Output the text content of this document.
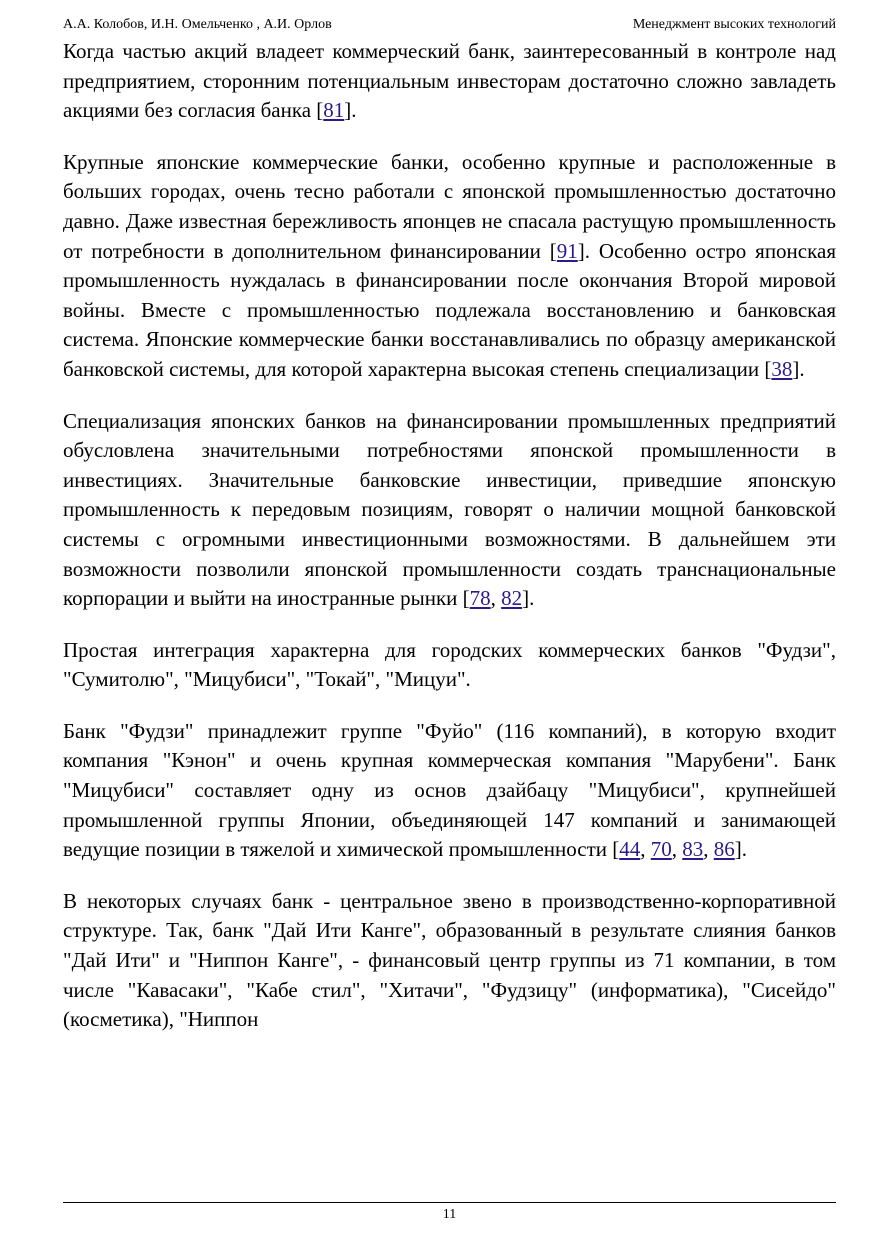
А.А. Колобов, И.Н. Омельченко , А.И. Орлов	Менеджмент высоких технологий

Когда частью акций владеет коммерческий банк, заинтересованный в контроле над предприятием, сторонним потенциальным инвесторам достаточно сложно завладеть акциями без согласия банка [81].

Крупные японские коммерческие банки, особенно крупные и расположенные в больших городах, очень тесно работали с японской промышленностью достаточно давно. Даже известная бережливость японцев не спасала растущую промышленность от потребности в дополнительном финансировании [91]. Особенно остро японская промышленность нуждалась в финансировании после окончания Второй мировой войны. Вместе с промышленностью подлежала восстановлению и банковская система. Японские коммерческие банки восстанавливались по образцу американской банковской системы, для которой характерна высокая степень специализации [38].

Специализация японских банков на финансировании промышленных предприятий обусловлена значительными потребностями японской промышленности в инвестициях. Значительные банковские инвестиции, приведшие японскую промышленность к передовым позициям, говорят о наличии мощной банковской системы с огромными инвестиционными возможностями. В дальнейшем эти возможности позволили японской промышленности создать транснациональные корпорации и выйти на иностранные рынки [78, 82].

Простая интеграция характерна для городских коммерческих банков "Фудзи", "Сумитолю", "Мицубиси", "Токай", "Мицуи".

Банк "Фудзи" принадлежит группе "Фуйо" (116 компаний), в которую входит компания "Кэнон" и очень крупная коммерческая компания "Марубени". Банк "Мицубиси" составляет одну из основ дзайбацу "Мицубиси", крупнейшей промышленной группы Японии, объединяющей 147 компаний и занимающей ведущие позиции в тяжелой и химической промышленности [44, 70, 83, 86].

В некоторых случаях банк - центральное звено в производственно-корпоративной структуре. Так, банк "Дай Ити Канге", образованный в результате слияния банков "Дай Ити" и "Ниппон Канге", - финансовый центр группы из 71 компании, в том числе "Кавасаки", "Кабе стил", "Хитачи", "Фудзицу" (информатика), "Сисейдо" (косметика), "Ниппон

11
